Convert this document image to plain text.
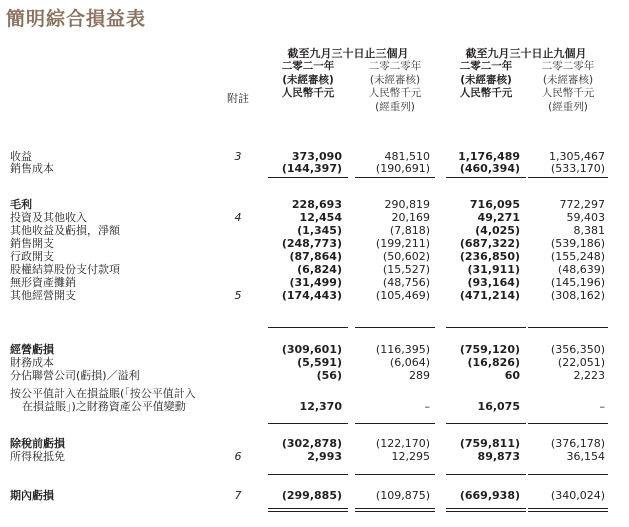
簡明綜合損益表
截至九月三十日止三個月	截至九月三十日止九個月
二零二一年
(未經審核)
人民幣千元
二零二零年
(未經審核)
人民幣千元
(經重列)
二零二一年
(未經審核)
人民幣千元
二零二零年
(未經審核)
人民幣千元
(經重列)
附註
收益	3	373,090	481,510	1,176,489	1,305,467
銷售成本	(144,397)	(190,691)	(460,394)	(533,170)
毛利	228,693	290,819	716,095	772,297
投資及其他收入	4	12,454	20,169	49,271	59,403
其他收益及虧損，淨額	(1,345)	(7,818)	(4,025)	8,381
銷售開支	(248,773)	(199,211)	(687,322)	(539,186)
行政開支	(87,864)	(50,602)	(236,850)	(155,248)
股權結算股份支付款項	(6,824)	(15,527)	(31,911)	(48,639)
無形資產攤銷	(31,499)	(48,756)	(93,164)	(145,196)
其他經營開支	5	(174,443)	(105,469)	(471,214)	(308,162)
經營虧損	(309,601)	(116,395)	(759,120)	(356,350)
財務成本	(5,591)	(6,064)	(16,826)	(22,051)
分佔聯營公司(虧損)／溢利	(56)	289	60	2,223
按公平值計入在損益賬(「按公平值計入
在損益賬」)之財務資產公平值變動	12,370	–	16,075	–
除稅前虧損	(302,878)	(122,170)	(759,811)	(376,178)
所得稅抵免	6	2,993	12,295	89,873	36,154
期內虧損	7	(299,885)	(109,875)	(669,938)	(340,024)
